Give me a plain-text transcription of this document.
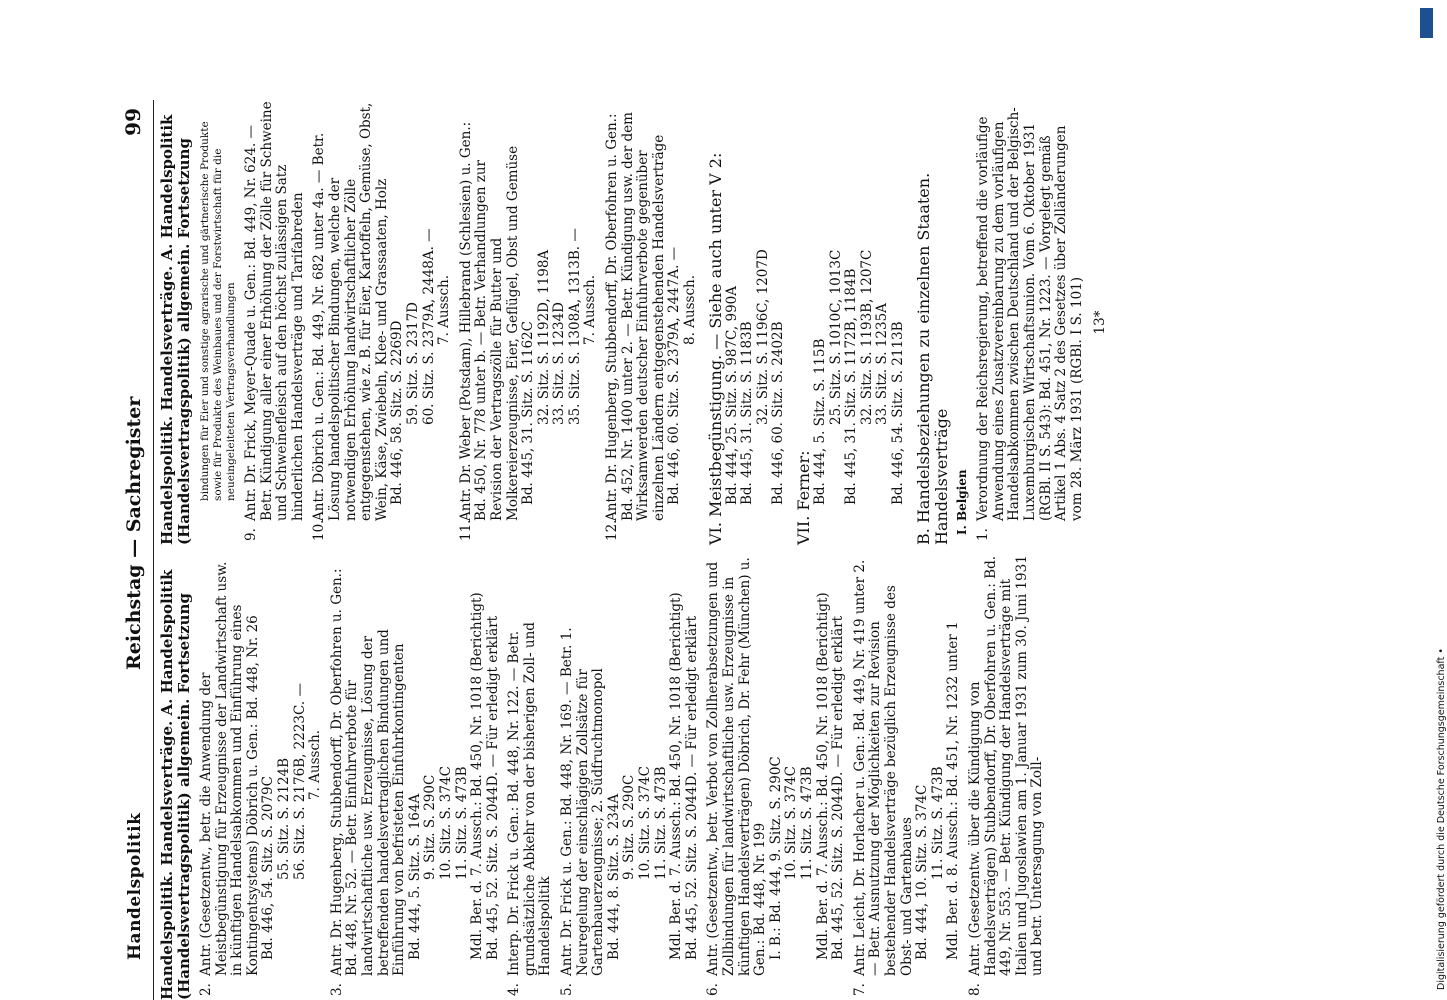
Handelspolitik
Reichstag — Sachregister
99
Handelspolitik. Handelsverträge. A. Handelspolitik (Handelsvertragspolitik) allgemein. Fortsetzung 2.Antr. (Gesetzentw., betr. die Anwendung der Meistbegünstigung für Erzeugnisse der Landwirtschaft usw. in künftigen Handelsabkommen und Einführung eines Kontingentsystems) Döbrich u. Gen.: Bd. 448, Nr. 26 Bd. 446, 54. Sitz. S. 2079C 55. Sitz. S. 2124B 56. Sitz. S. 2176B, 2223C. — 7. Aussch.
3.Antr. Dr. Hugenberg, Stubbendorff, Dr. Oberfohren u. Gen.: Bd. 448, Nr. 52. — Betr. Einfuhrverbote für landwirtschaftliche usw. Erzeugnisse, Lösung der betreffenden handelsvertraglichen Bindungen und Einführung von befristeten Einfuhrkontingenten Bd. 444, 5. Sitz. S. 164A 9. Sitz. S. 290C 10. Sitz. S. 374C 11. Sitz. S. 473B Mdl. Ber. d. 7. Aussch.: Bd. 450, Nr. 1018 (Berichtigt) Bd. 445, 52. Sitz. S. 2044D. — Für erledigt erklärt
4.Interp. Dr. Frick u. Gen.: Bd. 448, Nr. 122. — Betr. grundsätzliche Abkehr von der bisherigen Zoll- und Handelspolitik
5.Antr. Dr. Frick u. Gen.: Bd. 448, Nr. 169. — Betr. 1. Neuregelung der einschlägigen Zollsätze für Gartenbauerzeugnisse; 2. Südfruchtmonopol Bd. 444, 8. Sitz. S. 234A 9. Sitz. S. 290C 10. Sitz. S. 374C 11. Sitz. S. 473B Mdl. Ber. d. 7. Aussch.: Bd. 450, Nr. 1018 (Berichtigt) Bd. 445, 52. Sitz. S. 2044D. — Für erledigt erklärt
6.Antr. (Gesetzentw., betr. Verbot von Zollherabsetzungen und Zollbindungen für landwirtschaftliche usw. Erzeugnisse in künftigen Handelsverträgen) Döbrich, Dr. Fehr (München) u. Gen.: Bd. 448, Nr. 199 I. B.: Bd. 444, 9. Sitz. S. 290C 10. Sitz. S. 374C 11. Sitz. S. 473B Mdl. Ber. d. 7. Aussch.: Bd. 450, Nr. 1018 (Berichtigt) Bd. 445, 52. Sitz. S. 2044D. — Für erledigt erklärt
7.Antr. Leicht, Dr. Horlacher u. Gen.: Bd. 449, Nr. 419 unter 2. — Betr. Ausnutzung der Möglichkeiten zur Revision bestehender Handelsverträge bezüglich Erzeugnisse des Obst- und Gartenbaues Bd. 444, 10. Sitz. S. 374C 11. Sitz. S. 473B Mdl. Ber. d. 8. Aussch.: Bd. 451, Nr. 1232 unter 1
8.Antr. (Gesetzentw. über die Kündigung von Handelsverträgen) Stubbendorff, Dr. Oberfohren u. Gen.: Bd. 449, Nr. 553. — Betr. Kündigung der Handelsverträge mit Italien und Jugoslawien am 1. Januar 1931 zum 30. Juni 1931 und betr. Untersagung von Zoll-
Handelspolitik. Handelsverträge. A. Handelspolitik (Handelsvertragspolitik) allgemein. Fortsetzung bindungen für Eier und sonstige agrarische und gärtnerische Produkte sowie für Produkte des Weinbaues und der Forstwirtschaft für die neueingeleiteten Vertragsverhandlungen
9.Antr. Dr. Frick, Meyer-Quade u. Gen.: Bd. 449, Nr. 624. — Betr. Kündigung aller einer Erhöhung der Zölle für Schweine und Schweinefleisch auf den höchst zulässigen Satz hinderlichen Handelsverträge und Tarifabreden
10.Antr. Döbrich u. Gen.: Bd. 449, Nr. 682 unter 4a. — Betr. Lösung handelspolitischer Bindungen, welche der notwendigen Erhöhung landwirtschaftlicher Zölle entgegenstehen, wie z. B. für Eier, Kartoffeln, Gemüse, Obst, Wein, Käse, Zwiebeln, Klee- und Grassaaten, Holz Bd. 446, 58. Sitz. S. 2269D 59. Sitz. S. 2317D 60. Sitz. S. 2379A, 2448A. — 7. Aussch.
11.Antr. Dr. Weber (Potsdam), Hillebrand (Schlesien) u. Gen.: Bd. 450, Nr. 778 unter b. — Betr. Verhandlungen zur Revision der Vertragszölle für Butter und Molkereierzeugnisse, Eier, Geflügel, Obst und Gemüse Bd. 445, 31. Sitz. S. 1162C 32. Sitz. S. 1192D, 1198A 33. Sitz. S. 1234D 35. Sitz. S. 1308A, 1313B. — 7. Aussch.
12.Antr. Dr. Hugenberg, Stubbendorff, Dr. Oberfohren u. Gen.: Bd. 452, Nr. 1400 unter 2. — Betr. Kündigung usw. der dem Wirksamwerden deutscher Einfuhrverbote gegenüber einzelnen Ländern entgegenstehenden Handelsverträge Bd. 446, 60. Sitz. S. 2379A, 2447A. — 8. Aussch. VI. Meistbegünstigung. — Siehe auch unter V 2: Bd. 444, 25. Sitz. S. 987C, 990A Bd. 445, 31. Sitz. S. 1183B 32. Sitz. S. 1196C, 1207D Bd. 446, 60. Sitz. S. 2402B VII. Ferner: Bd. 444, 5. Sitz. S. 115B 25. Sitz. S. 1010C, 1013C Bd. 445, 31. Sitz. S. 1172B, 1184B 32. Sitz. S. 1193B, 1207C 33. Sitz. S. 1235A Bd. 446, 54. Sitz. S. 2113B B. Handelsbeziehungen zu einzelnen Staaten. Handelsverträge I. Belgien 1.Verordnung der Reichsregierung, betreffend die vorläufige Anwendung eines Zusatzvereinbarung zu dem vorläufigen Handelsabkommen zwischen Deutschland und der Belgisch-Luxemburgischen Wirtschaftsunion. Vom 6. Oktober 1931 (RGBl. II S. 543): Bd. 451, Nr. 1223. — Vorgelegt gemäß Artikel 1 Abs. 4 Satz 2 des Gesetzes über Zolländerungen vom 28. März 1931 (RGBl. I S. 101) 13*
DFG
Digitalisierung gefördert durch die Deutsche Forschungsgemeinschaft •
